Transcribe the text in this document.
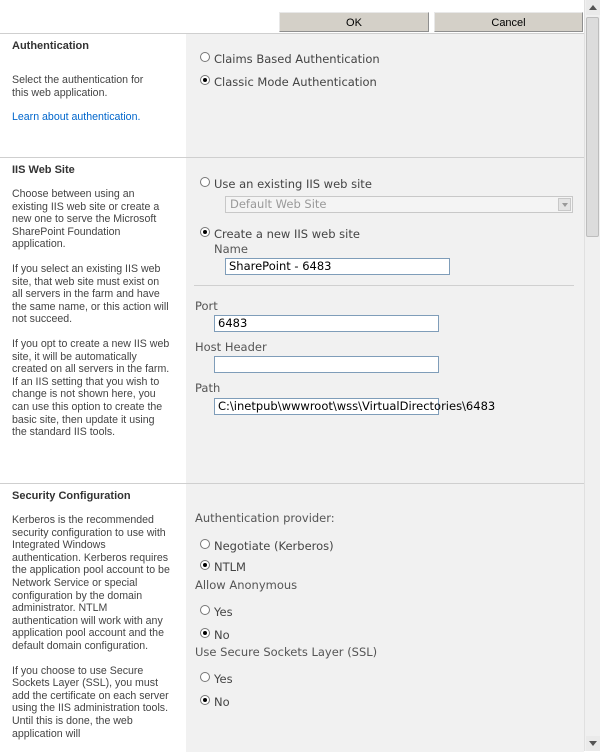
OK	Cancel
Authentication
Select the authentication for this web application.
Learn about authentication.
Claims Based Authentication
Classic Mode Authentication
IIS Web Site

Choose between using an existing IIS web site or create a new one to serve the Microsoft SharePoint Foundation application.

If you select an existing IIS web site, that web site must exist on all servers in the farm and have the same name, or this action will not succeed.

If you opt to create a new IIS web site, it will be automatically created on all servers in the farm. If an IIS setting that you wish to change is not shown here, you can use this option to create the basic site, then update it using the standard IIS tools.

Use an existing IIS web site
Default Web Site
Create a new IIS web site
Name
SharePoint - 6483
Port
6483
Host Header
Path
C:\inetpub\wwwroot\wss\VirtualDirectories\6483
Security Configuration

Kerberos is the recommended security configuration to use with Integrated Windows authentication. Kerberos requires the application pool account to be Network Service or special configuration by the domain administrator. NTLM authentication will work with any application pool account and the default domain configuration.

If you choose to use Secure Sockets Layer (SSL), you must add the certificate on each server using the IIS administration tools. Until this is done, the web application will

Authentication provider:
Negotiate (Kerberos)
NTLM
Allow Anonymous
Yes
No
Use Secure Sockets Layer (SSL)
Yes
No
